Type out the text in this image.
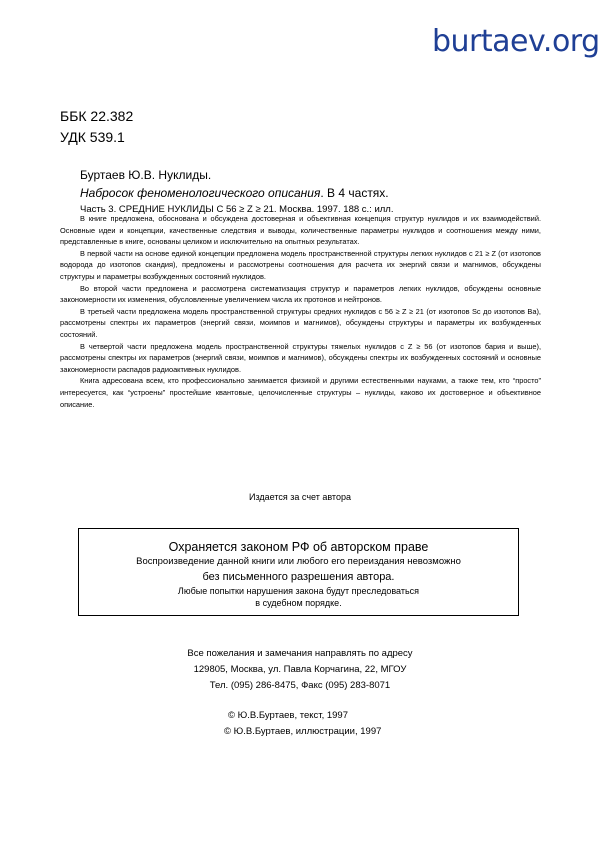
burtaev.org
ББК 22.382
УДК 539.1
Буртаев Ю.В. Нуклиды.
Набросок феноменологического описания. В 4 частях.
Часть 3. СРЕДНИЕ НУКЛИДЫ С 56 ≥ Z ≥ 21. Москва. 1997. 188 с.: илл.

В книге предложена, обоснована и обсуждена достоверная и объективная концепция структур нуклидов и их взаимодействий. Основные идеи и концепции, качественные следствия и выводы, количественные параметры нуклидов и соотношения между ними, представленные в книге, основаны целиком и исключительно на опытных результатах.

В первой части на основе единой концепции предложена модель пространственной структуры легких нуклидов с 21 ≥ Z (от изотопов водорода до изотопов скандия), предложены и рассмотрены соотношения для расчета их энергий связи и магнимов, обсуждены структуры и параметры возбужденных состояний нуклидов.

Во второй части предложена и рассмотрена систематизация структур и параметров легких нуклидов, обсуждены основные закономерности их изменения, обусловленные увеличением числа их протонов и нейтронов.

В третьей части предложена модель пространственной структуры средних нуклидов с 56 ≥ Z ≥ 21 (от изотопов Sc до изотопов Ba), рассмотрены спектры их параметров (энергий связи, моимпов и магнимов), обсуждены структуры и параметры их возбужденных состояний.

В четвертой части предложена модель пространственной структуры тяжелых нуклидов с Z ≥ 56 (от изотопов бария и выше), рассмотрены спектры их параметров (энергий связи, моимпов и магнимов), обсуждены спектры их возбужденных состояний и основные закономерности распадов радиоактивных нуклидов.

Книга адресована всем, кто профессионально занимается физикой и другими естественными науками, а также тем, кто “просто” интересуется, как “устроены” простейшие квантовые, целочисленные структуры – нуклиды, каково их достоверное и объективное описание.

Издается за счет автора
Охраняется законом РФ об авторском праве
Воспроизведение данной книги или любого его переиздания невозможно
без письменного разрешения автора.
Любые попытки нарушения закона будут преследоваться
в судебном порядке.
Все пожелания и замечания направлять по адресу
129805, Москва, ул. Павла Корчагина, 22, МГОУ
Тел. (095) 286-8475, Факс (095) 283-8071
© Ю.В.Буртаев, текст, 1997
© Ю.В.Буртаев, иллюстрации, 1997
